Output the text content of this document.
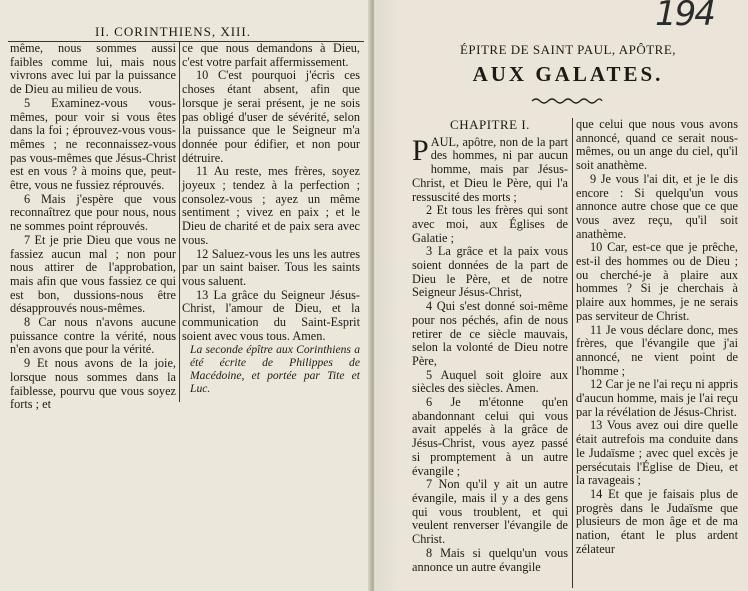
II. CORINTHIENS, XIII.

même, nous sommes aussi faibles comme lui, mais nous vivrons avec lui par la puissance de Dieu au milieu de vous.

5 Examinez-vous vous-mêmes, pour voir si vous êtes dans la foi ; éprouvez-vous vous-mêmes ; ne reconnaissez-vous pas vous-mêmes que Jésus-Christ est en vous ? à moins que, peut-être, vous ne fussiez réprouvés.

6 Mais j'espère que vous reconnaîtrez que pour nous, nous ne sommes point réprouvés.

7 Et je prie Dieu que vous ne fassiez aucun mal ; non pour nous attirer de l'approbation, mais afin que vous fassiez ce qui est bon, dussions-nous être désapprouvés nous-mêmes.

8 Car nous n'avons aucune puissance contre la vérité, nous n'en avons que pour la vérité.

9 Et nous avons de la joie, lorsque nous sommes dans la faiblesse, pourvu que vous soyez forts ; et

ce que nous demandons à Dieu, c'est votre parfait affermissement.

10 C'est pourquoi j'écris ces choses étant absent, afin que lorsque je serai présent, je ne sois pas obligé d'user de sévérité, selon la puissance que le Seigneur m'a donnée pour édifier, et non pour détruire.

11 Au reste, mes frères, soyez joyeux ; tendez à la perfection ; consolez-vous ; ayez un même sentiment ; vivez en paix ; et le Dieu de charité et de paix sera avec vous.

12 Saluez-vous les uns les autres par un saint baiser. Tous les saints vous saluent.

13 La grâce du Seigneur Jésus-Christ, l'amour de Dieu, et la communication du Saint-Esprit soient avec vous tous. Amen.

La seconde épître aux Corinthiens a été écrite de Philippes de Macédoine, et portée par Tite et Luc.

194
ÉPITRE DE SAINT PAUL, APÔTRE,
AUX GALATES.
CHAPITRE I.

PAUL, apôtre, non de la part des hommes, ni par aucun homme, mais par Jésus-Christ, et Dieu le Père, qui l'a ressuscité des morts ;

2 Et tous les frères qui sont avec moi, aux Églises de Galatie ;

3 La grâce et la paix vous soient données de la part de Dieu le Père, et de notre Seigneur Jésus-Christ,

4 Qui s'est donné soi-même pour nos péchés, afin de nous retirer de ce siècle mauvais, selon la volonté de Dieu notre Père,

5 Auquel soit gloire aux siècles des siècles. Amen.

6 Je m'étonne qu'en abandonnant celui qui vous avait appelés à la grâce de Jésus-Christ, vous ayez passé si promptement à un autre évangile ;

7 Non qu'il y ait un autre évangile, mais il y a des gens qui vous troublent, et qui veulent renverser l'évangile de Christ.

8 Mais si quelqu'un vous annonce un autre évangile

que celui que nous vous avons annoncé, quand ce serait nous-mêmes, ou un ange du ciel, qu'il soit anathème.

9 Je vous l'ai dit, et je le dis encore : Si quelqu'un vous annonce autre chose que ce que vous avez reçu, qu'il soit anathème.

10 Car, est-ce que je prêche, est-il des hommes ou de Dieu ; ou cherché-je à plaire aux hommes ? Si je cherchais à plaire aux hommes, je ne serais pas serviteur de Christ.

11 Je vous déclare donc, mes frères, que l'évangile que j'ai annoncé, ne vient point de l'homme ;

12 Car je ne l'ai reçu ni appris d'aucun homme, mais je l'ai reçu par la révélation de Jésus-Christ.

13 Vous avez oui dire quelle était autrefois ma conduite dans le Judaïsme ; avec quel excès je persécutais l'Église de Dieu, et la ravageais ;

14 Et que je faisais plus de progrès dans le Judaïsme que plusieurs de mon âge et de ma nation, étant le plus ardent zélateur
